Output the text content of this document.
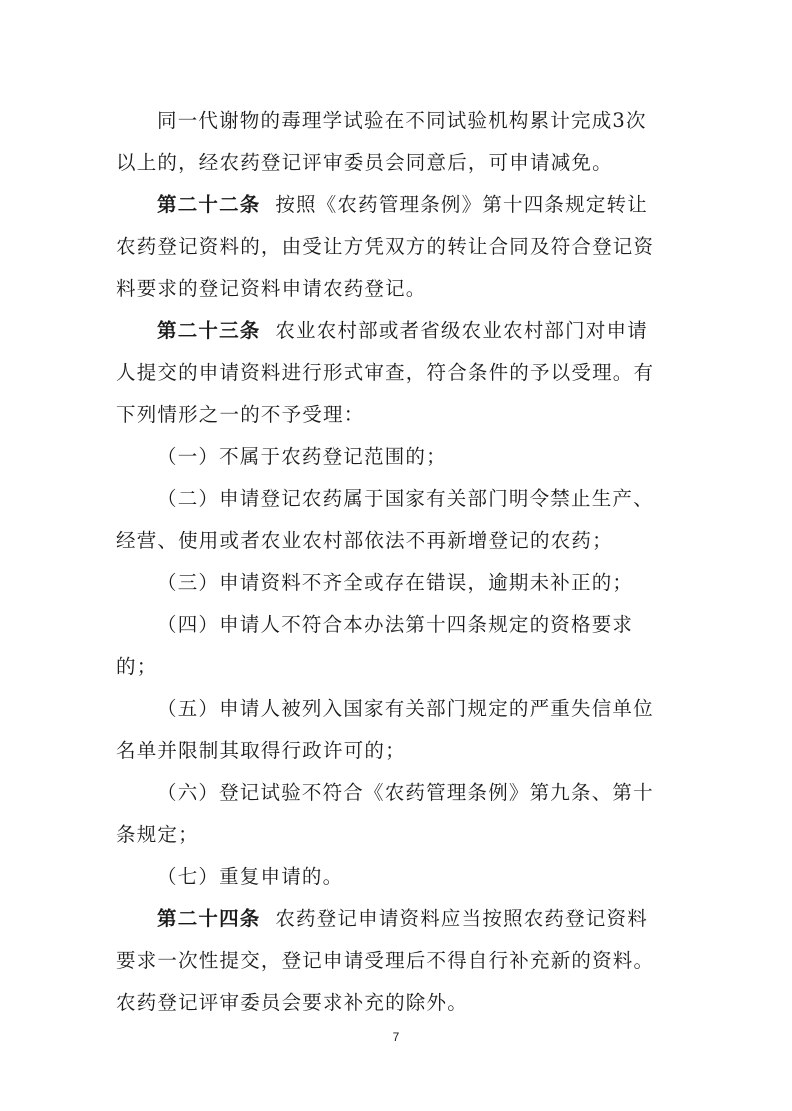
同一代谢物的毒理学试验在不同试验机构累计完成3次
以上的，经农药登记评审委员会同意后，可申请减免。
第二十二条 按照《农药管理条例》第十四条规定转让
农药登记资料的，由受让方凭双方的转让合同及符合登记资
料要求的登记资料申请农药登记。
第二十三条 农业农村部或者省级农业农村部门对申请
人提交的申请资料进行形式审查，符合条件的予以受理。有
下列情形之一的不予受理：
（一）不属于农药登记范围的；
（二）申请登记农药属于国家有关部门明令禁止生产、
经营、使用或者农业农村部依法不再新增登记的农药；
（三）申请资料不齐全或存在错误，逾期未补正的；
（四）申请人不符合本办法第十四条规定的资格要求
的；
（五）申请人被列入国家有关部门规定的严重失信单位
名单并限制其取得行政许可的；
（六）登记试验不符合《农药管理条例》第九条、第十
条规定；
（七）重复申请的。
第二十四条 农药登记申请资料应当按照农药登记资料
要求一次性提交，登记申请受理后不得自行补充新的资料。
农药登记评审委员会要求补充的除外。
7
